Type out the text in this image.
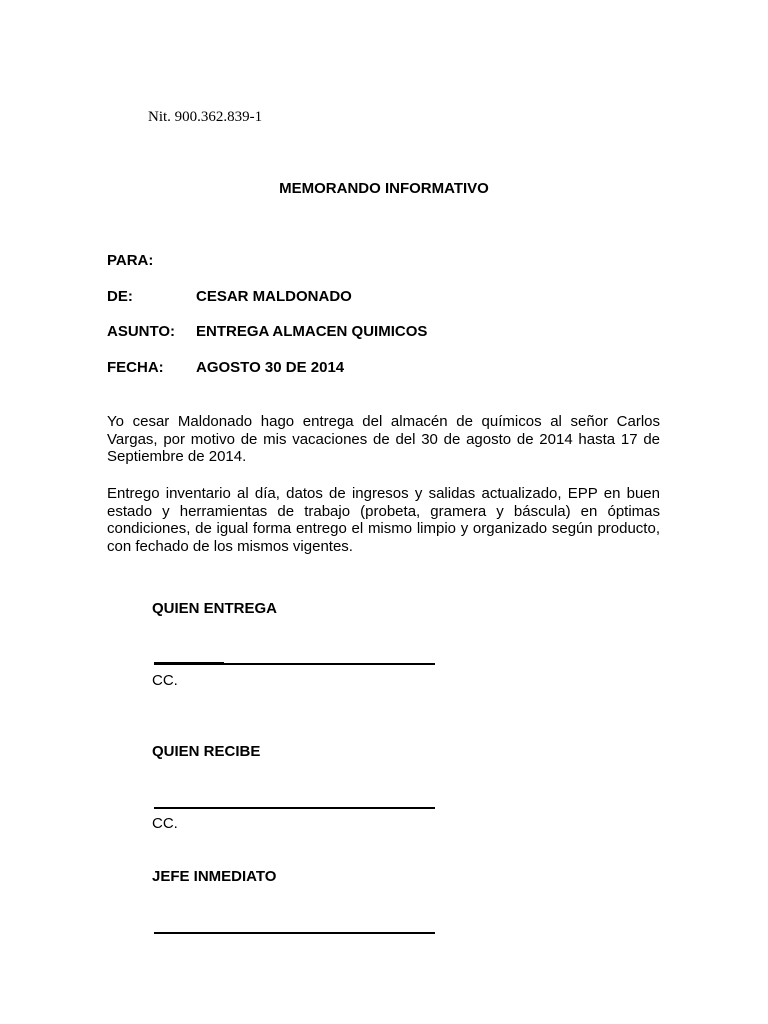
Nit. 900.362.839-1
MEMORANDO INFORMATIVO
PARA:
DE:	CESAR MALDONADO
ASUNTO: ENTREGA ALMACEN QUIMICOS
FECHA: AGOSTO 30 DE 2014
Yo cesar Maldonado hago entrega del almacén de químicos al señor Carlos Vargas, por motivo de mis vacaciones de del 30 de agosto de 2014 hasta 17 de Septiembre de 2014.
Entrego inventario al día, datos de ingresos y salidas actualizado, EPP en buen estado y herramientas de trabajo (probeta, gramera y báscula) en óptimas condiciones, de igual forma entrego el mismo limpio y organizado según producto, con fechado de los mismos vigentes.
QUIEN ENTREGA
CC.
QUIEN RECIBE
CC.
JEFE INMEDIATO
